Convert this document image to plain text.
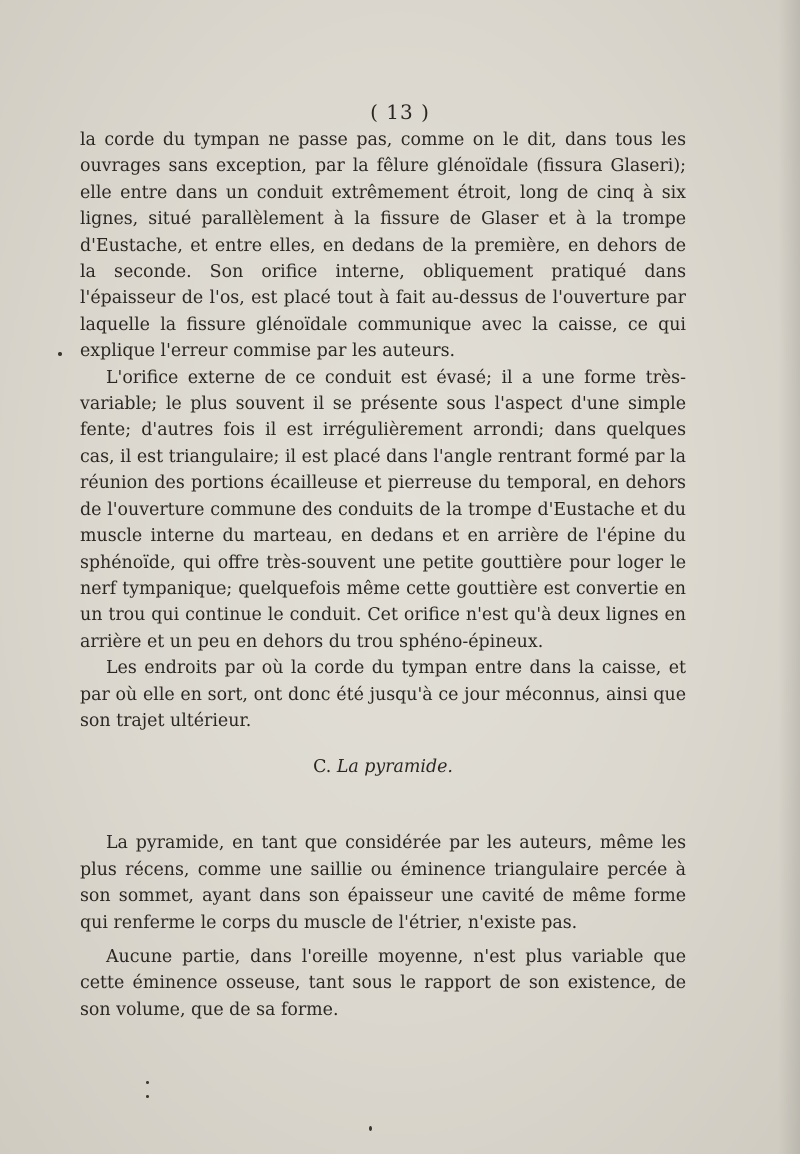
( 13 )

la corde du tympan ne passe pas, comme on le dit, dans tous les ouvrages sans exception, par la fêlure glénoïdale (fissura Glaseri); elle entre dans un conduit extrêmement étroit, long de cinq à six lignes, situé parallèlement à la fissure de Glaser et à la trompe d'Eustache, et entre elles, en dedans de la première, en dehors de la seconde. Son orifice interne, obliquement pratiqué dans l'épaisseur de l'os, est placé tout à fait au-dessus de l'ouverture par laquelle la fissure glénoïdale communique avec la caisse, ce qui explique l'erreur commise par les auteurs.

L'orifice externe de ce conduit est évasé; il a une forme très-variable; le plus souvent il se présente sous l'aspect d'une simple fente; d'autres fois il est irrégulièrement arrondi; dans quelques cas, il est triangulaire; il est placé dans l'angle rentrant formé par la réunion des portions écailleuse et pierreuse du temporal, en dehors de l'ouverture commune des conduits de la trompe d'Eustache et du muscle interne du marteau, en dedans et en arrière de l'épine du sphénoïde, qui offre très-souvent une petite gouttière pour loger le nerf tympanique; quelquefois même cette gouttière est convertie en un trou qui continue le conduit. Cet orifice n'est qu'à deux lignes en arrière et un peu en dehors du trou sphéno-épineux.

Les endroits par où la corde du tympan entre dans la caisse, et par où elle en sort, ont donc été jusqu'à ce jour méconnus, ainsi que son trajet ultérieur.

C. La pyramide.

La pyramide, en tant que considérée par les auteurs, même les plus récens, comme une saillie ou éminence triangulaire percée à son sommet, ayant dans son épaisseur une cavité de même forme qui renferme le corps du muscle de l'étrier, n'existe pas.

Aucune partie, dans l'oreille moyenne, n'est plus variable que cette éminence osseuse, tant sous le rapport de son existence, de son volume, que de sa forme.
